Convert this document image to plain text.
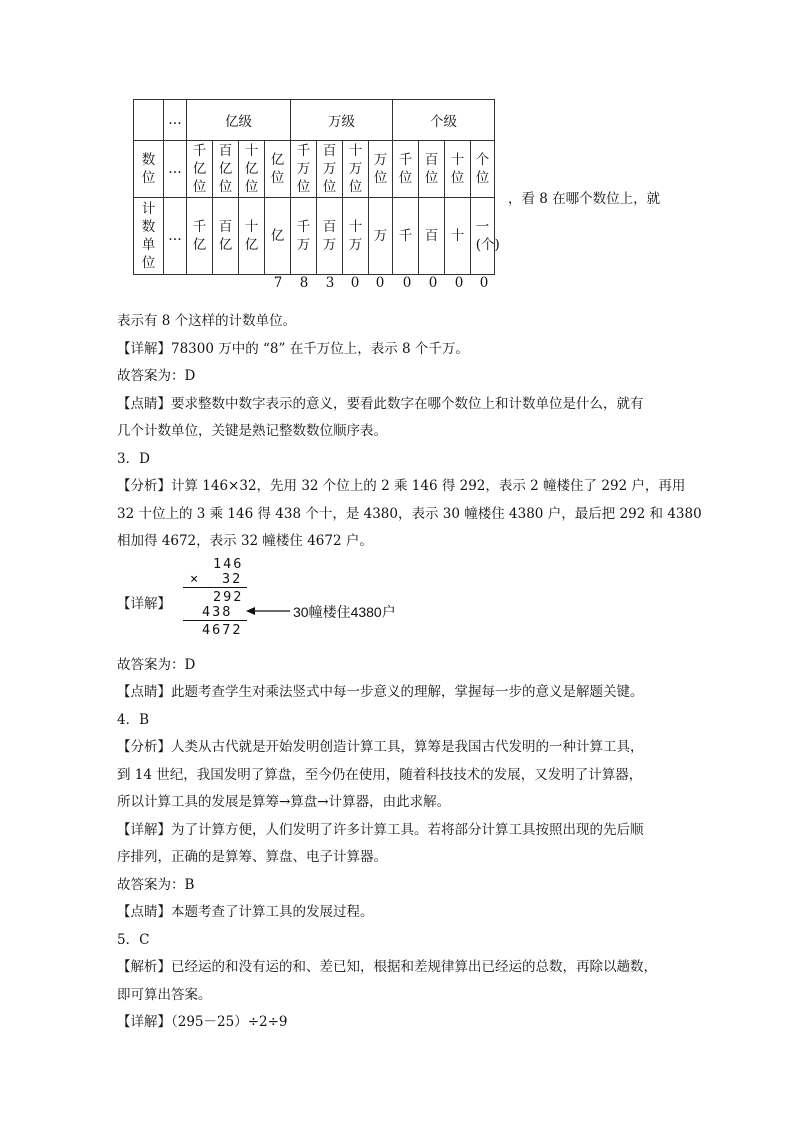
	…	亿级				万级				个级			
数位	…	千亿位	百亿位	十亿位	亿位	千万位	百万位	十万位	万位	千位	百位	十位	个位
计数单位	…	千亿	百亿	十亿	亿	千万	百万	十万	万	千	百	十	一(个)
7	8	3	0	0	0	0	0	0
，看 8 在哪个数位上，就
表示有 8 个这样的计数单位。
【详解】78300 万中的 “8” 在千万位上，表示 8 个千万。
故答案为：D
【点睛】要求整数中数字表示的意义，要看此数字在哪个数位上和计数单位是什么，就有
几个计数单位，关键是熟记整数数位顺序表。
3．D
【分析】计算 146×32，先用 32 个位上的 2 乘 146 得 292，表示 2 幢楼住了 292 户，再用
32 十位上的 3 乘 146 得 438 个十，是 4380，表示 30 幢楼住 4380 户，最后把 292 和 4380
相加得 4672，表示 32 幢楼住 4672 户。
【详解】
146
× 32
292
438
4672
30幢楼住4380户
故答案为：D
【点睛】此题考查学生对乘法竖式中每一步意义的理解，掌握每一步的意义是解题关键。
4．B
【分析】人类从古代就是开始发明创造计算工具，算筹是我国古代发明的一种计算工具，
到 14 世纪，我国发明了算盘，至今仍在使用，随着科技技术的发展，又发明了计算器，
所以计算工具的发展是算筹→算盘→计算器，由此求解。
【详解】为了计算方便，人们发明了许多计算工具。若将部分计算工具按照出现的先后顺
序排列，正确的是算筹、算盘、电子计算器。
故答案为：B
【点睛】本题考查了计算工具的发展过程。
5．C
【解析】已经运的和没有运的和、差已知，根据和差规律算出已经运的总数，再除以趟数，
即可算出答案。
【详解】（295－25）÷2÷9
